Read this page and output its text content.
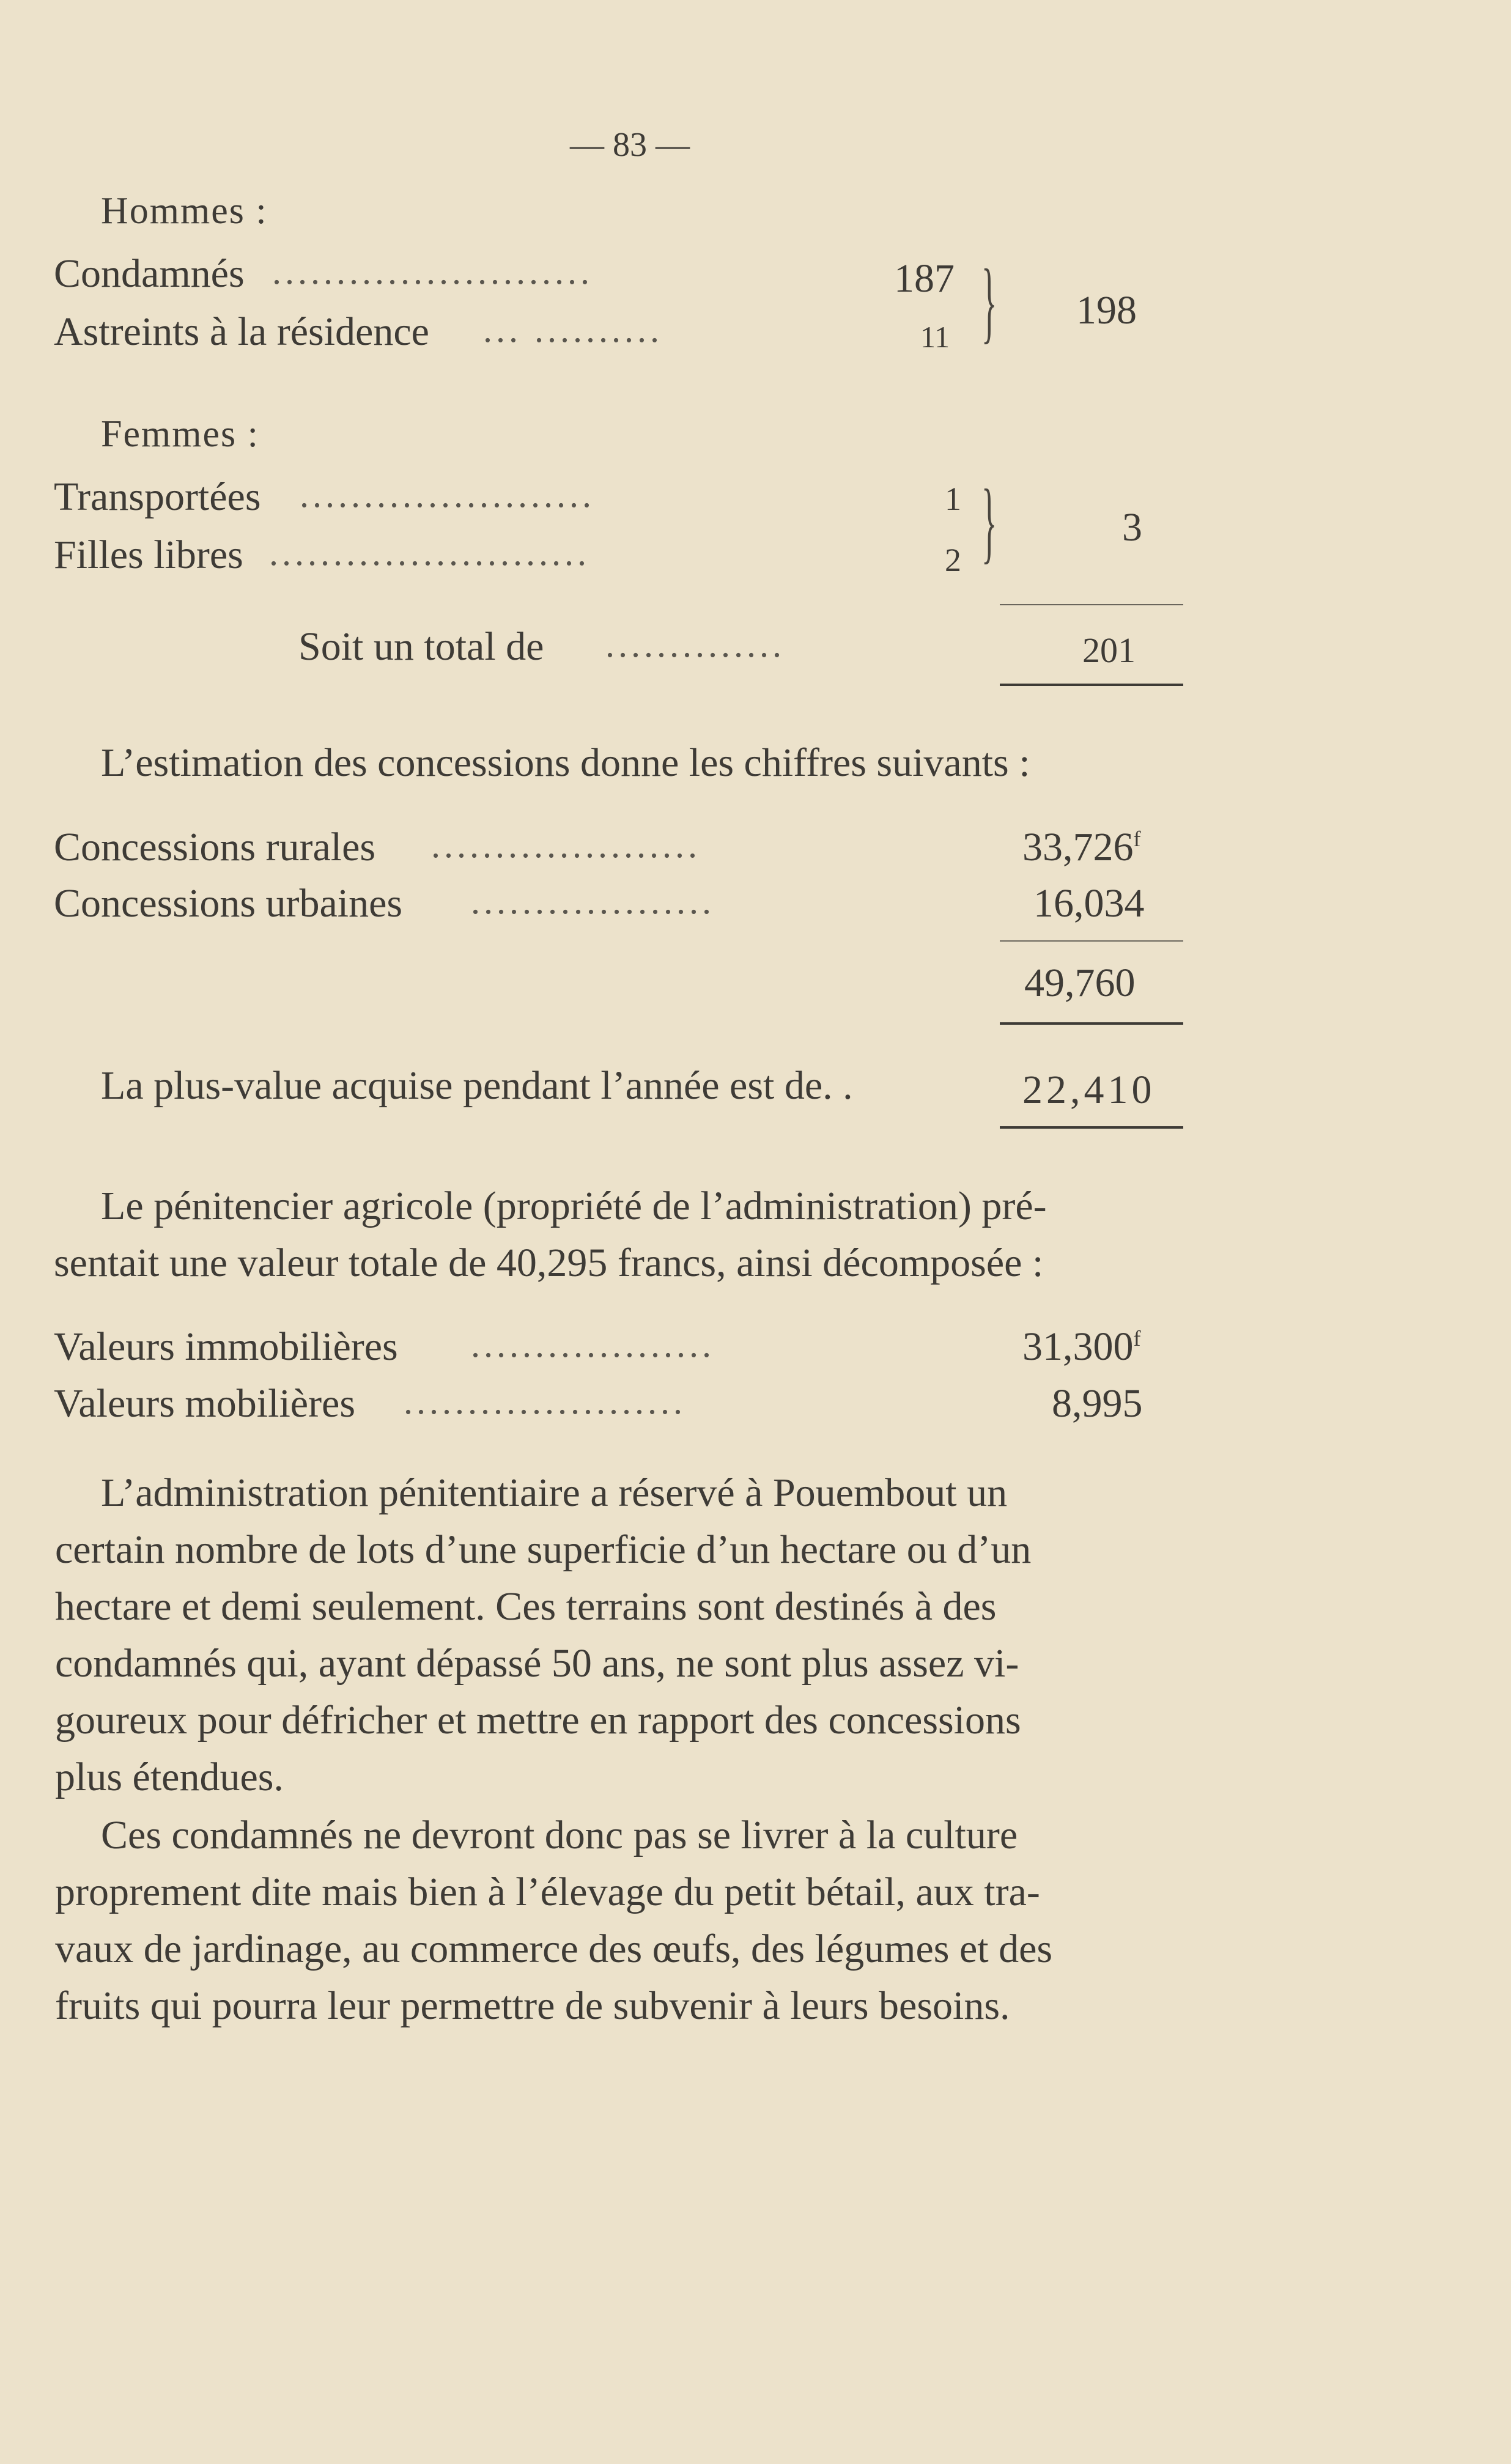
— 83 —
Hommes :
Condamnés .........................	187
Astreints à la résidence ... ..........	11 } 198
Femmes :
Transportées .......................	1
Filles libres .........................	2 }	3
Soit un total de ..............	201
L’estimation des concessions donne les chiffres suivants :
Concessions rurales .....................	33,726$^f$
Concessions urbaines ...................	16,034
49,760
La plus-value acquise pendant l’année est de. .	22,410
Le pénitencier agricole (propriété de l’administration) pré-
sentait une valeur totale de 40,295 francs, ainsi décomposée :
Valeurs immobilières ...................	31,300$^f$
Valeurs mobilières ......................	8,995
L’administration pénitentiaire a réservé à Pouembout un
certain nombre de lots d’une superficie d’un hectare ou d’un
hectare et demi seulement. Ces terrains sont destinés à des
condamnés qui, ayant dépassé 50 ans, ne sont plus assez vi-
goureux pour défricher et mettre en rapport des concessions
plus étendues.
Ces condamnés ne devront donc pas se livrer à la culture
proprement dite mais bien à l’élevage du petit bétail, aux tra-
vaux de jardinage, au commerce des œufs, des légumes et des
fruits qui pourra leur permettre de subvenir à leurs besoins.
